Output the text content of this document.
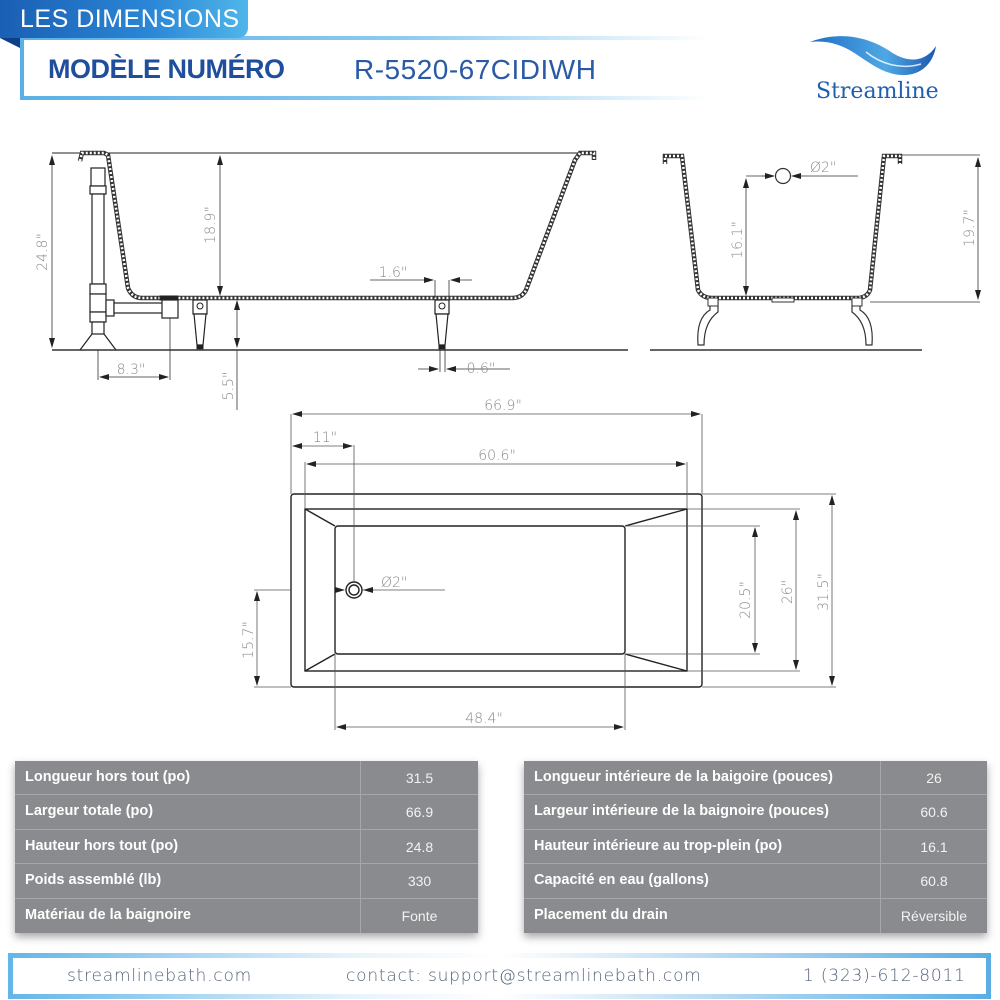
LES DIMENSIONS
MODÈLE NUMÉRO R-5520-67CIDIWH
Streamline
24.8"
18.9"
5.5"
8.3"
1.6"
0.6"
Ø2"
16.1"	19.7"
66.9"
11"
60.6"
Ø2"	20.5" 26" 31.5"
15.7"
48.4"
Longueur hors tout (po)	31.5
Largeur totale (po)	66.9
Hauteur hors tout (po)	24.8
Poids assemblé (lb)	330
Matériau de la baignoire	Fonte
Longueur intérieure de la baigoire (pouces)	26
Largeur intérieure de la baignoire (pouces)	60.6
Hauteur intérieure au trop-plein (po)	16.1
Capacité en eau (gallons)	60.8
Placement du drain	Réversible
streamlinebath.com	contact: support@streamlinebath.com	1 (323)-612-8011
